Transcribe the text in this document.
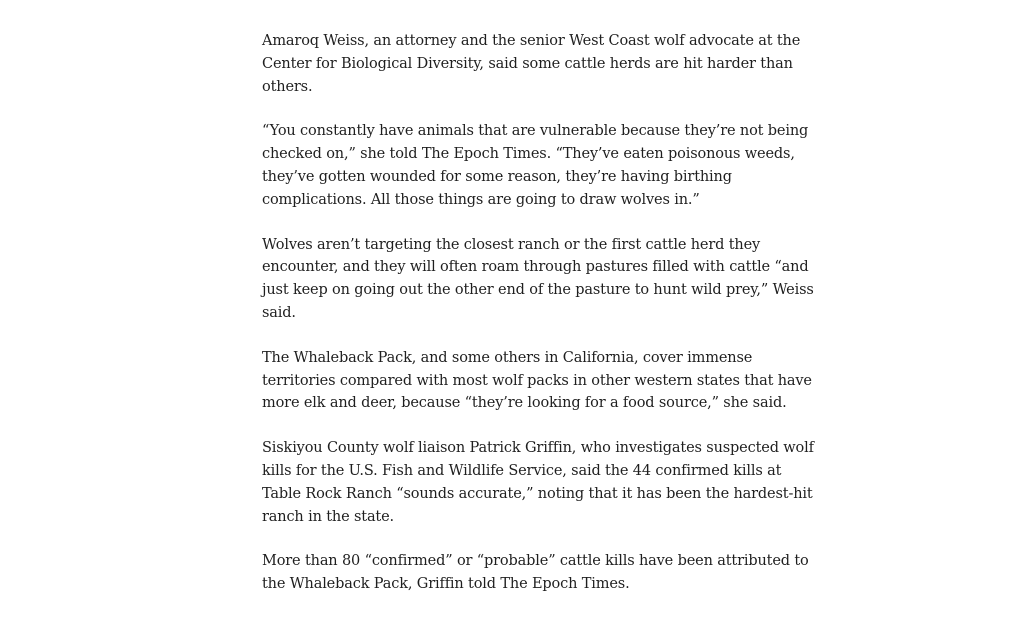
Amaroq Weiss, an attorney and the senior West Coast wolf advocate at the Center for Biological Diversity, said some cattle herds are hit harder than others.

“You constantly have animals that are vulnerable because they’re not being checked on,” she told The Epoch Times. “They’ve eaten poisonous weeds, they’ve gotten wounded for some reason, they’re having birthing complications. All those things are going to draw wolves in.”

Wolves aren’t targeting the closest ranch or the first cattle herd they encounter, and they will often roam through pastures filled with cattle “and just keep on going out the other end of the pasture to hunt wild prey,” Weiss said.

The Whaleback Pack, and some others in California, cover immense territories compared with most wolf packs in other western states that have more elk and deer, because “they’re looking for a food source,” she said.

Siskiyou County wolf liaison Patrick Griffin, who investigates suspected wolf kills for the U.S. Fish and Wildlife Service, said the 44 confirmed kills at Table Rock Ranch “sounds accurate,” noting that it has been the hardest-hit ranch in the state.

More than 80 “confirmed” or “probable” cattle kills have been attributed to the Whaleback Pack, Griffin told The Epoch Times.
